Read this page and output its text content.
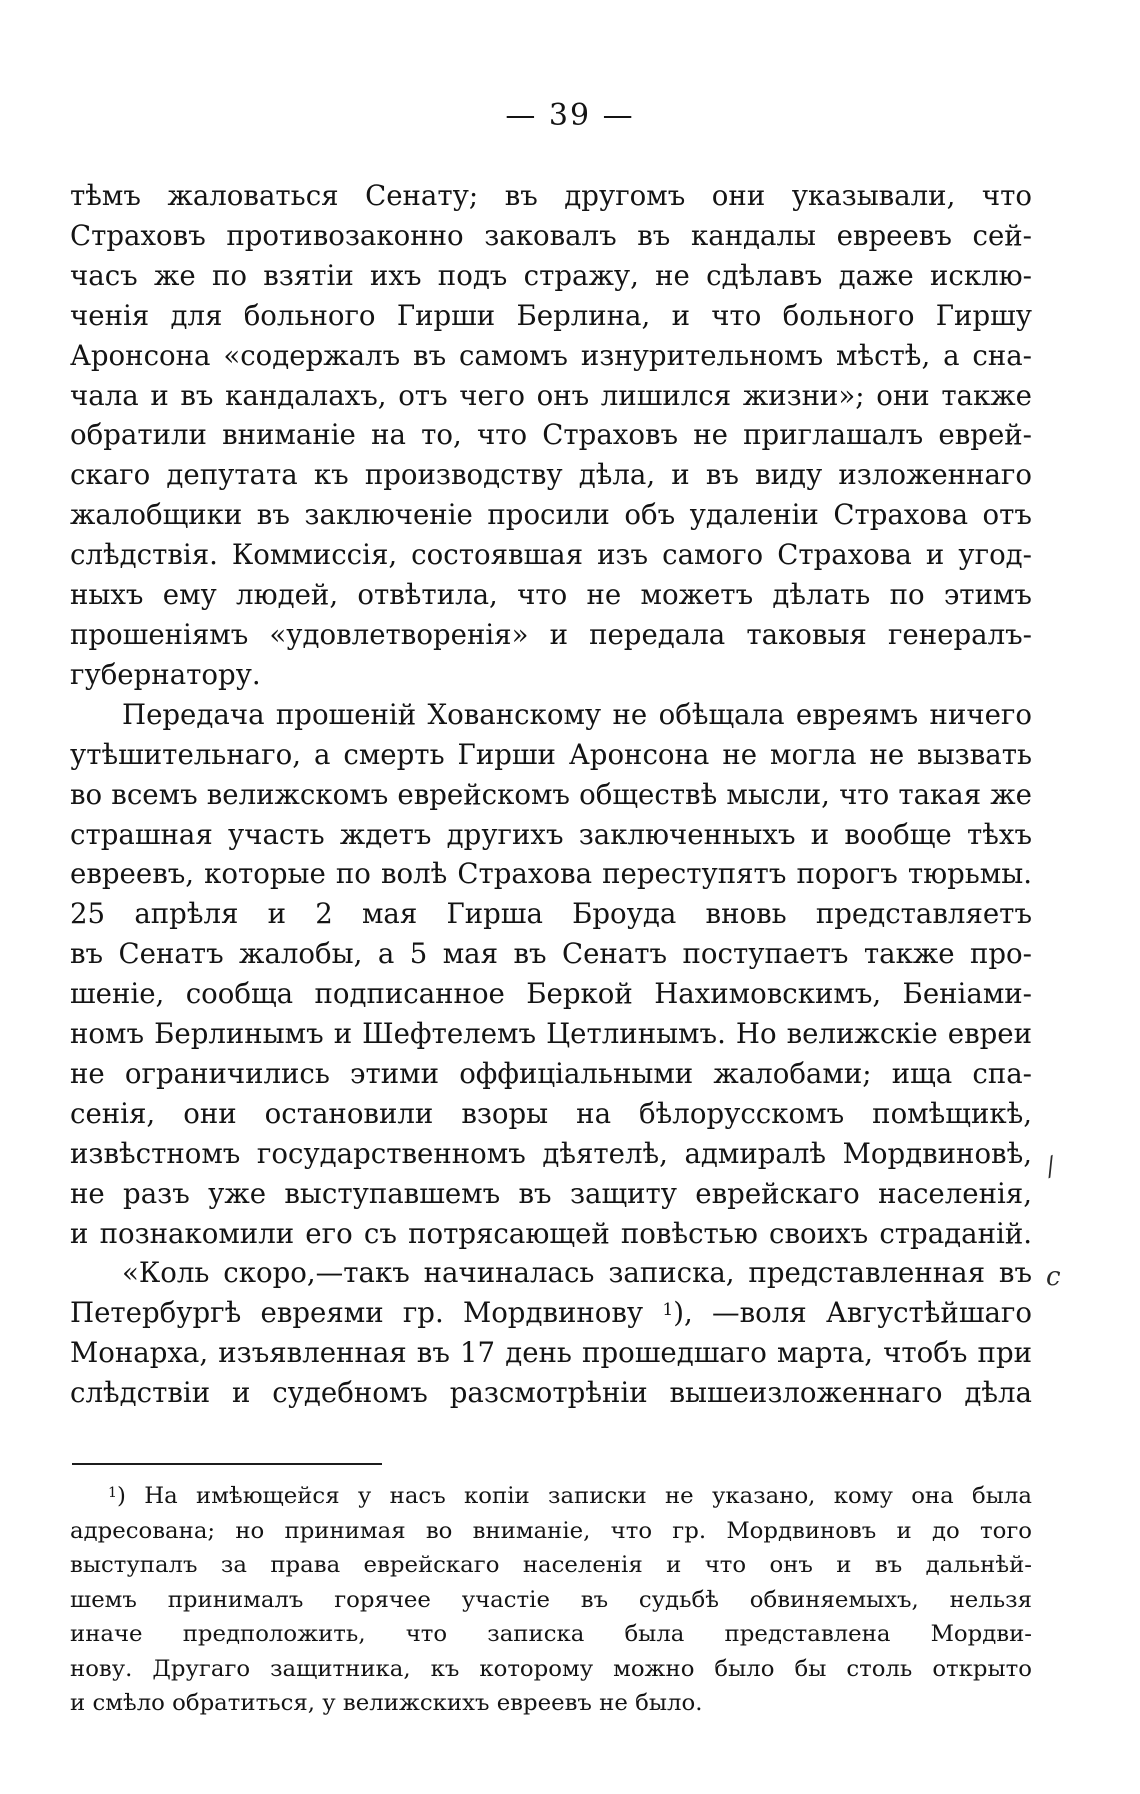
— 39 —

тѣмъ жаловаться Сенату; въ другомъ они указывали, что
Страховъ противозаконно заковалъ въ кандалы евреевъ сей-
часъ же по взятіи ихъ подъ стражу, не сдѣлавъ даже исклю-
ченія для больного Гирши Берлина, и что больного Гиршу
Аронсона «содержалъ въ самомъ изнурительномъ мѣстѣ, а сна-
чала и въ кандалахъ, отъ чего онъ лишился жизни»; они также
обратили вниманіе на то, что Страховъ не приглашалъ еврей-
скаго депутата къ производству дѣла, и въ виду изложеннаго
жалобщики въ заключеніе просили объ удаленіи Страхова отъ
слѣдствія. Коммиссія, состоявшая изъ самого Страхова и угод-
ныхъ ему людей, отвѣтила, что не можетъ дѣлать по этимъ
прошеніямъ «удовлетворенія» и передала таковыя генералъ-
губернатору.

Передача прошеній Хованскому не обѣщала евреямъ ничего
утѣшительнаго, а смерть Гирши Аронсона не могла не вызвать
во всемъ велижскомъ еврейскомъ обществѣ мысли, что такая же
страшная участь ждетъ другихъ заключенныхъ и вообще тѣхъ
евреевъ, которые по волѣ Страхова переступятъ порогъ тюрьмы.
25 апрѣля и 2 мая Гирша Броуда вновь представляетъ
въ Сенатъ жалобы, а 5 мая въ Сенатъ поступаетъ также про-
шеніе, сообща подписанное Беркой Нахимовскимъ, Беніами-
номъ Берлинымъ и Шефтелемъ Цетлинымъ. Но велижскіе евреи
не ограничились этими оффиціальными жалобами; ища спа-
сенія, они остановили взоры на бѣлорусскомъ помѣщикѣ,
извѣстномъ государственномъ дѣятелѣ, адмиралѣ Мордвиновѣ,
не разъ уже выступавшемъ въ защиту еврейскаго населенія,
и познакомили его съ потрясающей повѣстью своихъ страданій.

«Коль скоро,—такъ начиналась записка, представленная въ
Петербургѣ евреями гр. Мордвинову $^1$), —воля Августѣйшаго
Монарха, изъявленная въ 17 день прошедшаго марта, чтобъ при
слѣдствіи и судебномъ разсмотрѣніи вышеизложеннаго дѣла

$^1$) На имѣющейся у насъ копіи записки не указано, кому она была
адресована; но принимая во вниманіе, что гр. Мордвиновъ и до того
выступалъ за права еврейскаго населенія и что онъ и въ дальнѣй-
шемъ принималъ горячее участіе въ судьбѣ обвиняемыхъ, нельзя
иначе предположить, что записка была представлена Мордви-
нову. Другаго защитника, къ которому можно было бы столь открыто
и смѣло обратиться, у велижскихъ евреевъ не было.
⁄
c
